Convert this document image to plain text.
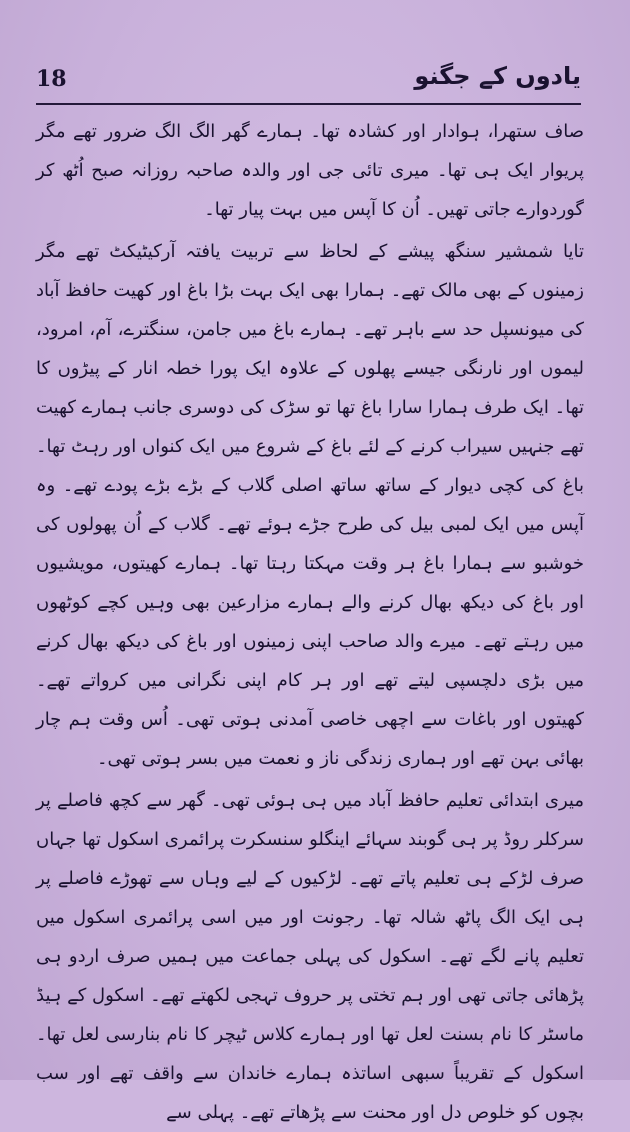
18	یادوں کے جگنو

صاف ستھرا، ہوادار اور کشادہ تھا۔ ہمارے گھر الگ الگ ضرور تھے مگر پریوار ایک ہی تھا۔ میری تائی جی اور والدہ صاحبہ روزانہ صبح اُٹھ کر گوردوارے جاتی تھیں۔ اُن کا آپس میں بہت پیار تھا۔

تایا شمشیر سنگھ پیشے کے لحاظ سے تربیت یافتہ آرکیٹیکٹ تھے مگر زمینوں کے بھی مالک تھے۔ ہمارا بھی ایک بہت بڑا باغ اور کھیت حافظ آباد کی میونسپل حد سے باہر تھے۔ ہمارے باغ میں جامن، سنگترے، آم، امرود، لیموں اور نارنگی جیسے پھلوں کے علاوہ ایک پورا خطہ انار کے پیڑوں کا تھا۔ ایک طرف ہمارا سارا باغ تھا تو سڑک کی دوسری جانب ہمارے کھیت تھے جنہیں سیراب کرنے کے لئے باغ کے شروع میں ایک کنواں اور رہٹ تھا۔ باغ کی کچی دیوار کے ساتھ ساتھ اصلی گلاب کے بڑے بڑے پودے تھے۔ وہ آپس میں ایک لمبی بیل کی طرح جڑے ہوئے تھے۔ گلاب کے اُن پھولوں کی خوشبو سے ہمارا باغ ہر وقت مہکتا رہتا تھا۔ ہمارے کھیتوں، مویشیوں اور باغ کی دیکھ بھال کرنے والے ہمارے مزارعین بھی وہیں کچے کوٹھوں میں رہتے تھے۔ میرے والد صاحب اپنی زمینوں اور باغ کی دیکھ بھال کرنے میں بڑی دلچسپی لیتے تھے اور ہر کام اپنی نگرانی میں کرواتے تھے۔ کھیتوں اور باغات سے اچھی خاصی آمدنی ہوتی تھی۔ اُس وقت ہم چار بھائی بہن تھے اور ہماری زندگی ناز و نعمت میں بسر ہوتی تھی۔

میری ابتدائی تعلیم حافظ آباد میں ہی ہوئی تھی۔ گھر سے کچھ فاصلے پر سرکلر روڈ پر ہی گوبند سہائے اینگلو سنسکرت پرائمری اسکول تھا جہاں صرف لڑکے ہی تعلیم پاتے تھے۔ لڑکیوں کے لیے وہاں سے تھوڑے فاصلے پر ہی ایک الگ پاٹھ شالہ تھا۔ رجونت اور میں اسی پرائمری اسکول میں تعلیم پانے لگے تھے۔ اسکول کی پہلی جماعت میں ہمیں صرف اردو ہی پڑھائی جاتی تھی اور ہم تختی پر حروف تہجی لکھتے تھے۔ اسکول کے ہیڈ ماسٹر کا نام بسنت لعل تھا اور ہمارے کلاس ٹیچر کا نام بنارسی لعل تھا۔ اسکول کے تقریباً سبھی اساتذہ ہمارے خاندان سے واقف تھے اور سب بچوں کو خلوص دل اور محنت سے پڑھاتے تھے۔ پہلی سے
